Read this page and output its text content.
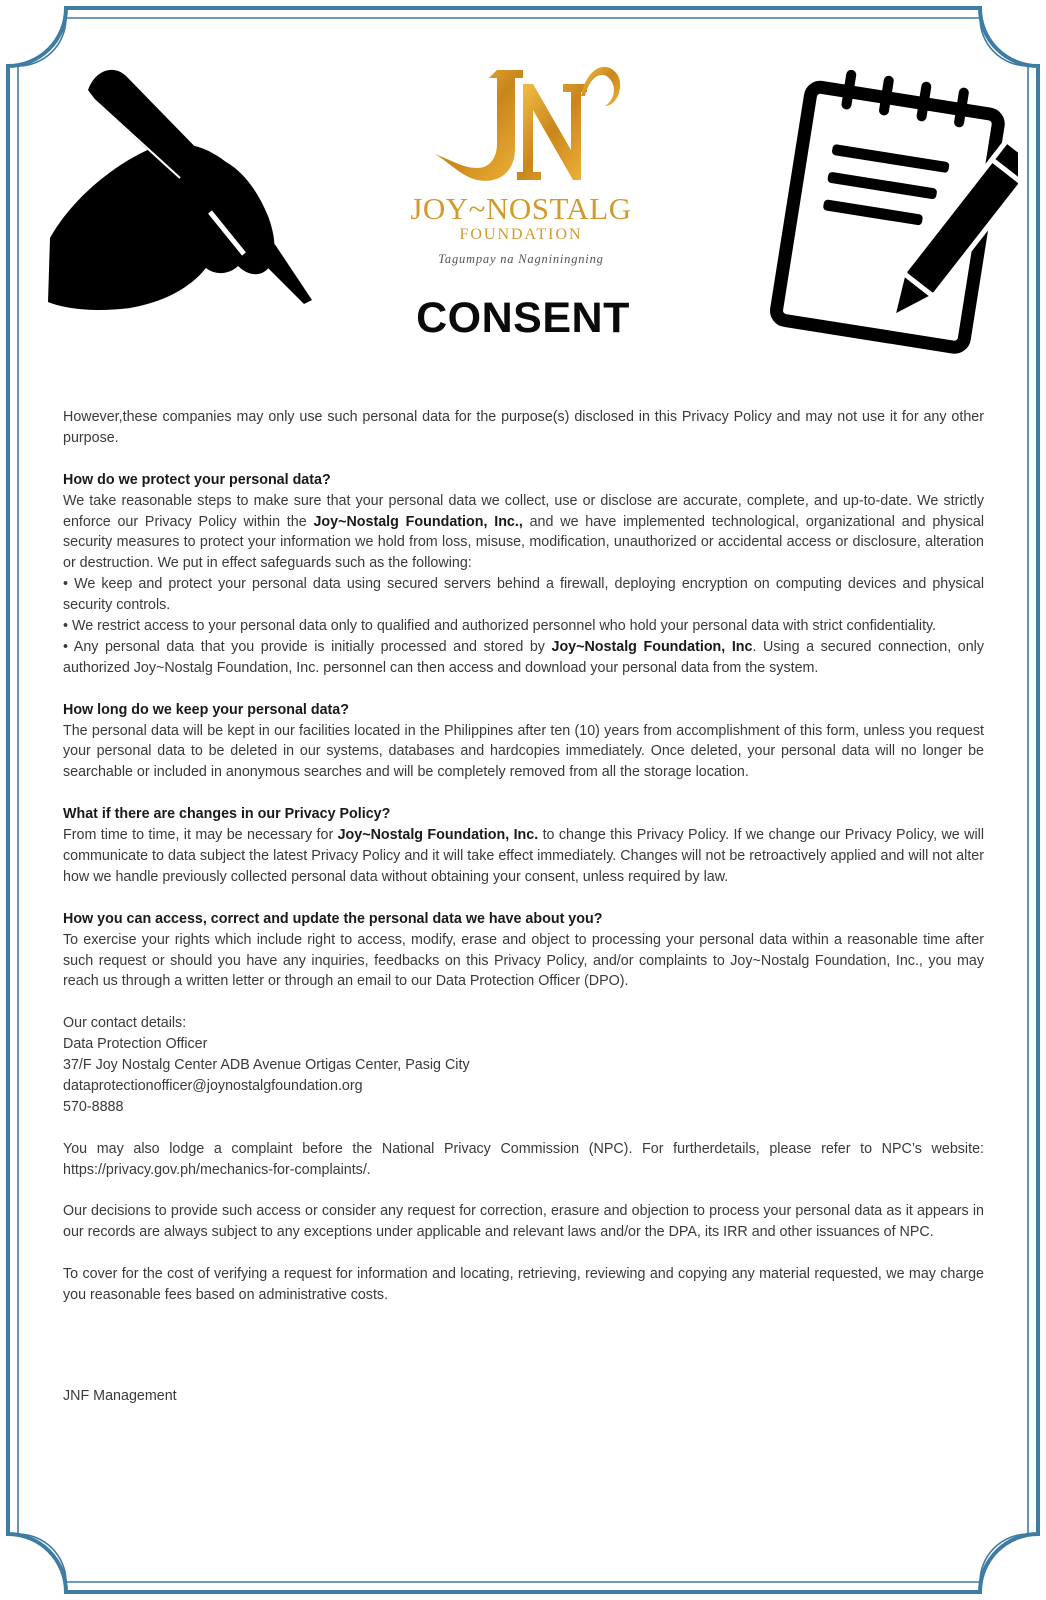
JOY~NOSTALG
FOUNDATION
Tagumpay na Nagniningning
CONSENT

However,these companies may only use such personal data for the purpose(s) disclosed in this Privacy Policy and may not use it for any other purpose.

How do we protect your personal data?

We take reasonable steps to make sure that your personal data we collect, use or disclose are accurate, complete, and up-to-date. We strictly enforce our Privacy Policy within the Joy~Nostalg Foundation, Inc., and we have implemented technological, organizational and physical security measures to protect your information we hold from loss, misuse, modification, unauthorized or accidental access or disclosure, alteration or destruction. We put in effect safeguards such as the following:

• We keep and protect your personal data using secured servers behind a firewall, deploying encryption on computing devices and physical security controls.

• We restrict access to your personal data only to qualified and authorized personnel who hold your personal data with strict confidentiality.

• Any personal data that you provide is initially processed and stored by Joy~Nostalg Foundation, Inc. Using a secured connection, only authorized Joy~Nostalg Foundation, Inc. personnel can then access and download your personal data from the system.

How long do we keep your personal data?

The personal data will be kept in our facilities located in the Philippines after ten (10) years from accomplishment of this form, unless you request your personal data to be deleted in our systems, databases and hardcopies immediately. Once deleted, your personal data will no longer be searchable or included in anonymous searches and will be completely removed from all the storage location.

What if there are changes in our Privacy Policy?

From time to time, it may be necessary for Joy~Nostalg Foundation, Inc. to change this Privacy Policy. If we change our Privacy Policy, we will communicate to data subject the latest Privacy Policy and it will take effect immediately. Changes will not be retroactively applied and will not alter how we handle previously collected personal data without obtaining your consent, unless required by law.

How you can access, correct and update the personal data we have about you?

To exercise your rights which include right to access, modify, erase and object to processing your personal data within a reasonable time after such request or should you have any inquiries, feedbacks on this Privacy Policy, and/or complaints to Joy~Nostalg Foundation, Inc., you may reach us through a written letter or through an email to our Data Protection Officer (DPO).

Our contact details:

Data Protection Officer

37/F Joy Nostalg Center ADB Avenue Ortigas Center, Pasig City

dataprotectionofficer@joynostalgfoundation.org

570-8888

You may also lodge a complaint before the National Privacy Commission (NPC). For furtherdetails, please refer to NPC’s website: https://privacy.gov.ph/mechanics-for-complaints/.

Our decisions to provide such access or consider any request for correction, erasure and objection to process your personal data as it appears in our records are always subject to any exceptions under applicable and relevant laws and/or the DPA, its IRR and other issuances of NPC.

To cover for the cost of verifying a request for information and locating, retrieving, reviewing and copying any material requested, we may charge you reasonable fees based on administrative costs.

JNF Management
